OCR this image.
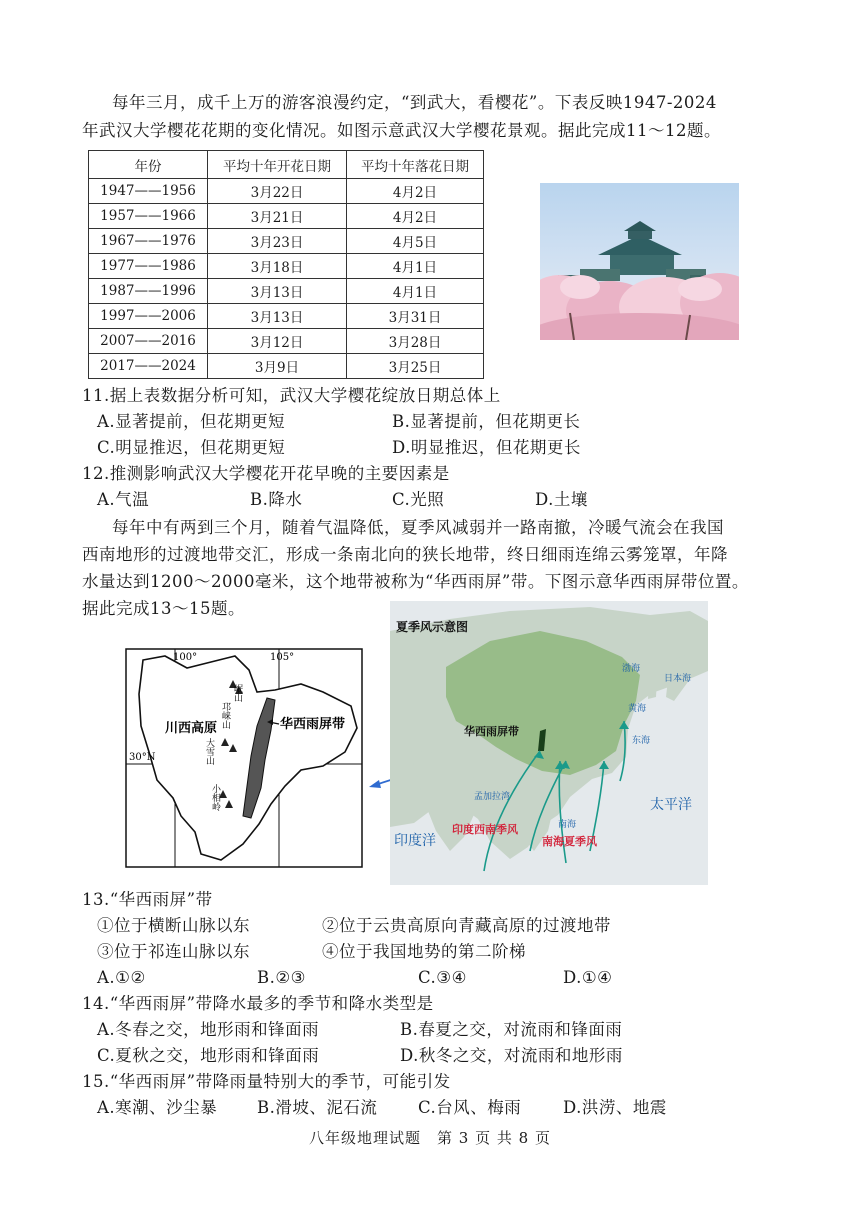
每年三月，成千上万的游客浪漫约定，“到武大，看樱花”。下表反映1947-2024
年武汉大学樱花花期的变化情况。如图示意武汉大学樱花景观。据此完成11～12题。
年份	平均十年开花日期	平均十年落花日期
1947——1956	3月22日	4月2日
1957——1966	3月21日	4月2日
1967——1976	3月23日	4月5日
1977——1986	3月18日	4月1日
1987——1996	3月13日	4月1日
1997——2006	3月13日	3月31日
2007——2016	3月12日	3月28日
2017——2024	3月9日	3月25日
11.据上表数据分析可知，武汉大学樱花绽放日期总体上
A.显著提前，但花期更短	B.显著提前，但花期更长
C.明显推迟，但花期更短	D.明显推迟，但花期更长
12.推测影响武汉大学樱花开花早晚的主要因素是
A.气温	B.降水	C.光照	D.土壤
每年中有两到三个月，随着气温降低，夏季风减弱并一路南撤，冷暖气流会在我国
西南地形的过渡地带交汇，形成一条南北向的狭长地带，终日细雨连绵云雾笼罩，年降
水量达到1200～2000毫米，这个地带被称为“华西雨屏”带。下图示意华西雨屏带位置。
据此完成13～15题。
100°	105°
30°N
川西高原	华西雨屏带
岷山
邛崃山
大雪山
小相岭
夏季风示意图
华西雨屏带
渤海
日本海
黄海
东海
太平洋
南海
孟加拉湾
印度洋
印度西南季风
南海夏季风
13.“华西雨屏”带
①位于横断山脉以东	②位于云贵高原向青藏高原的过渡地带
③位于祁连山脉以东	④位于我国地势的第二阶梯
A.①②	B.②③	C.③④	D.①④
14.“华西雨屏”带降水最多的季节和降水类型是
A.冬春之交，地形雨和锋面雨	B.春夏之交，对流雨和锋面雨
C.夏秋之交，地形雨和锋面雨	D.秋冬之交，对流雨和地形雨
15.“华西雨屏”带降雨量特别大的季节，可能引发
A.寒潮、沙尘暴 B.滑坡、泥石流 C.台风、梅雨	D.洪涝、地震
八年级地理试题　第 3 页 共 8 页
